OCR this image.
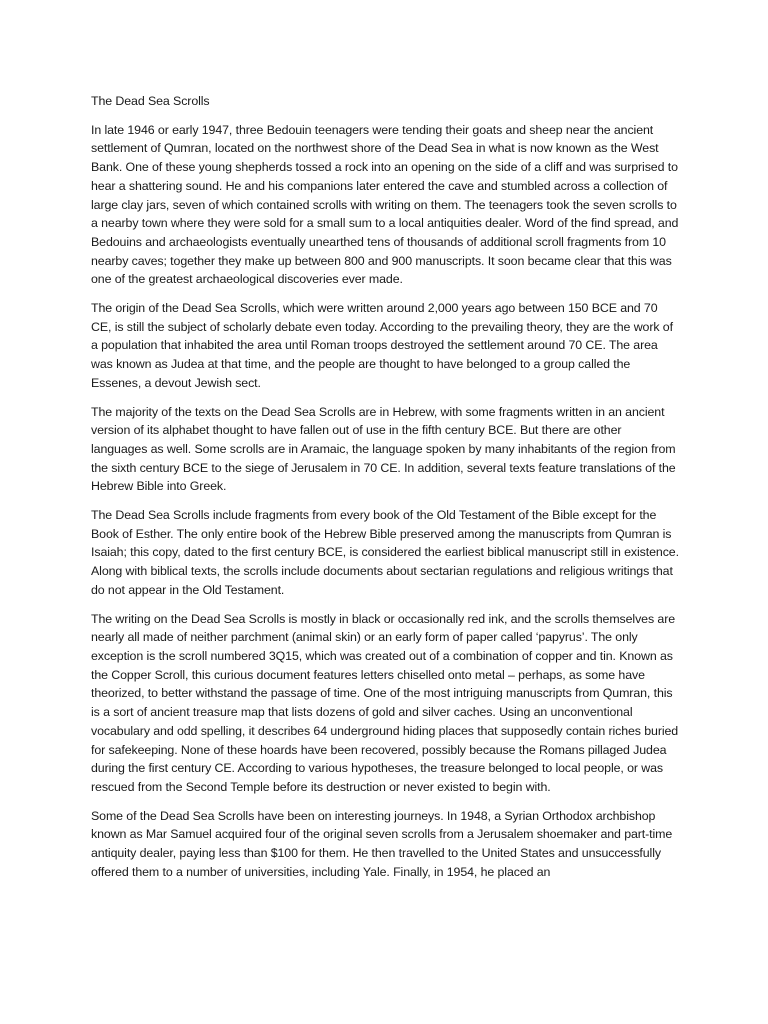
The Dead Sea Scrolls

In late 1946 or early 1947, three Bedouin teenagers were tending their goats and sheep near the ancient settlement of Qumran, located on the northwest shore of the Dead Sea in what is now known as the West Bank. One of these young shepherds tossed a rock into an opening on the side of a cliff and was surprised to hear a shattering sound. He and his companions later entered the cave and stumbled across a collection of large clay jars, seven of which contained scrolls with writing on them. The teenagers took the seven scrolls to a nearby town where they were sold for a small sum to a local antiquities dealer. Word of the find spread, and Bedouins and archaeologists eventually unearthed tens of thousands of additional scroll fragments from 10 nearby caves; together they make up between 800 and 900 manuscripts. It soon became clear that this was one of the greatest archaeological discoveries ever made.

The origin of the Dead Sea Scrolls, which were written around 2,000 years ago between 150 BCE and 70 CE, is still the subject of scholarly debate even today. According to the prevailing theory, they are the work of a population that inhabited the area until Roman troops destroyed the settlement around 70 CE. The area was known as Judea at that time, and the people are thought to have belonged to a group called the Essenes, a devout Jewish sect.

The majority of the texts on the Dead Sea Scrolls are in Hebrew, with some fragments written in an ancient version of its alphabet thought to have fallen out of use in the fifth century BCE. But there are other languages as well. Some scrolls are in Aramaic, the language spoken by many inhabitants of the region from the sixth century BCE to the siege of Jerusalem in 70 CE. In addition, several texts feature translations of the Hebrew Bible into Greek.

The Dead Sea Scrolls include fragments from every book of the Old Testament of the Bible except for the Book of Esther. The only entire book of the Hebrew Bible preserved among the manuscripts from Qumran is Isaiah; this copy, dated to the first century BCE, is considered the earliest biblical manuscript still in existence. Along with biblical texts, the scrolls include documents about sectarian regulations and religious writings that do not appear in the Old Testament.

The writing on the Dead Sea Scrolls is mostly in black or occasionally red ink, and the scrolls themselves are nearly all made of neither parchment (animal skin) or an early form of paper called ‘papyrus’. The only exception is the scroll numbered 3Q15, which was created out of a combination of copper and tin. Known as the Copper Scroll, this curious document features letters chiselled onto metal – perhaps, as some have theorized, to better withstand the passage of time. One of the most intriguing manuscripts from Qumran, this is a sort of ancient treasure map that lists dozens of gold and silver caches. Using an unconventional vocabulary and odd spelling, it describes 64 underground hiding places that supposedly contain riches buried for safekeeping. None of these hoards have been recovered, possibly because the Romans pillaged Judea during the first century CE. According to various hypotheses, the treasure belonged to local people, or was rescued from the Second Temple before its destruction or never existed to begin with.

Some of the Dead Sea Scrolls have been on interesting journeys. In 1948, a Syrian Orthodox archbishop known as Mar Samuel acquired four of the original seven scrolls from a Jerusalem shoemaker and part-time antiquity dealer, paying less than $100 for them. He then travelled to the United States and unsuccessfully offered them to a number of universities, including Yale. Finally, in 1954, he placed an
